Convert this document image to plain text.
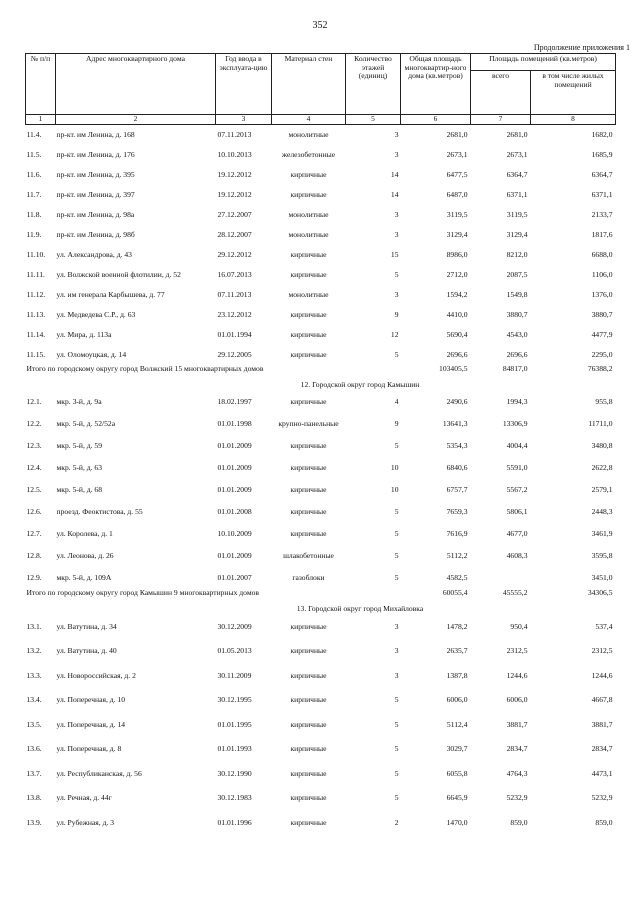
352
Продолжение приложения 1
№ п/п	Адрес многоквартирного дома	Год ввода в эксплуата-цию	Материал стен	Количество этажей (единиц)	Общая площадь многоквартир-ного дома (кв.метров)	Площадь помещений (кв.метров)	
						всего	в том числе жилых помещений
1	2	3	4	5	6	7	8
11.4.	пр-кт. им Ленина, д. 168	07.11.2013	монолитные	3	2681,0	2681,0	1682,0
11.5.	пр-кт. им Ленина, д. 176	10.10.2013	железобетонные	3	2673,1	2673,1	1685,9
11.6.	пр-кт. им Ленина, д. 395	19.12.2012	кирпичные	14	6477,5	6364,7	6364,7
11.7.	пр-кт. им Ленина, д. 397	19.12.2012	кирпичные	14	6487,0	6371,1	6371,1
11.8.	пр-кт. им Ленина, д. 98а	27.12.2007	монолитные	3	3119,5	3119,5	2133,7
11.9.	пр-кт. им Ленина, д. 98б	28.12.2007	монолитные	3	3129,4	3129,4	1817,6
11.10.	ул. Александрова, д. 43	29.12.2012	кирпичные	15	8986,0	8212,0	6688,0
11.11.	ул. Волжской военной флотилии, д. 52	16.07.2013	кирпичные	5	2712,0	2087,5	1106,0
11.12.	ул. им генерала Карбышева, д. 77	07.11.2013	монолитные	3	1594,2	1549,8	1376,0
11.13.	ул. Медведева С.Р., д. 63	23.12.2012	кирпичные	9	4410,0	3880,7	3880,7
11.14.	ул. Мира, д. 113а	01.01.1994	кирпичные	12	5690,4	4543,0	4477,9
11.15.	ул. Оломоуцкая, д. 14	29.12.2005	кирпичные	5	2696,6	2696,6	2295,0
Итого по городскому округу город Волжский 15 многоквартирных домов					103405,5	84817,0	76388,2
12. Городской округ город Камышин							
12.1.	мкр. 3-й, д. 9а	18.02.1997	кирпичные	4	2490,6	1994,3	955,8
12.2.	мкр. 5-й, д. 52/52а	01.01.1998	крупно-панельные	9	13641,3	13306,9	11711,0
12.3.	мкр. 5-й, д. 59	01.01.2009	кирпичные	5	5354,3	4004,4	3480,8
12.4.	мкр. 5-й, д. 63	01.01.2009	кирпичные	10	6840,6	5591,0	2622,8
12.5.	мкр. 5-й, д. 68	01.01.2009	кирпичные	10	6757,7	5567,2	2579,1
12.6.	проезд. Феоктистова, д. 55	01.01.2008	кирпичные	5	7659,3	5806,1	2448,3
12.7.	ул. Королева, д. 1	10.10.2009	кирпичные	5	7616,9	4677,0	3461,9
12.8.	ул. Леонова, д. 26	01.01.2009	шлакобетонные	5	5112,2	4608,3	3595,8
12.9.	мкр. 5-й, д. 109А	01.01.2007	газоблоки	5	4582,5		3451,0
Итого по городскому округу город Камышин 9 многоквартирных домов					60055,4	45555,2	34306,5
13. Городской округ город Михайловка							
13.1.	ул. Ватутина, д. 34	30.12.2009	кирпичные	3	1478,2	950,4	537,4
13.2.	ул. Ватутина, д. 40	01.05.2013	кирпичные	3	2635,7	2312,5	2312,5
13.3.	ул. Новороссийская, д. 2	30.11.2009	кирпичные	3	1387,8	1244,6	1244,6
13.4.	ул. Поперечная, д. 10	30.12.1995	кирпичные	5	6006,0	6006,0	4667,8
13.5.	ул. Поперечная, д. 14	01.01.1995	кирпичные	5	5112,4	3881,7	3881,7
13.6.	ул. Поперечная, д. 8	01.01.1993	кирпичные	5	3029,7	2834,7	2834,7
13.7.	ул. Республиканская, д. 56	30.12.1990	кирпичные	5	6055,8	4764,3	4473,1
13.8.	ул. Речная, д. 44г	30.12.1983	кирпичные	5	6645,9	5232,9	5232,9
13.9.	ул. Рубежная, д. 3	01.01.1996	кирпичные	2	1470,0	859,0	859,0
